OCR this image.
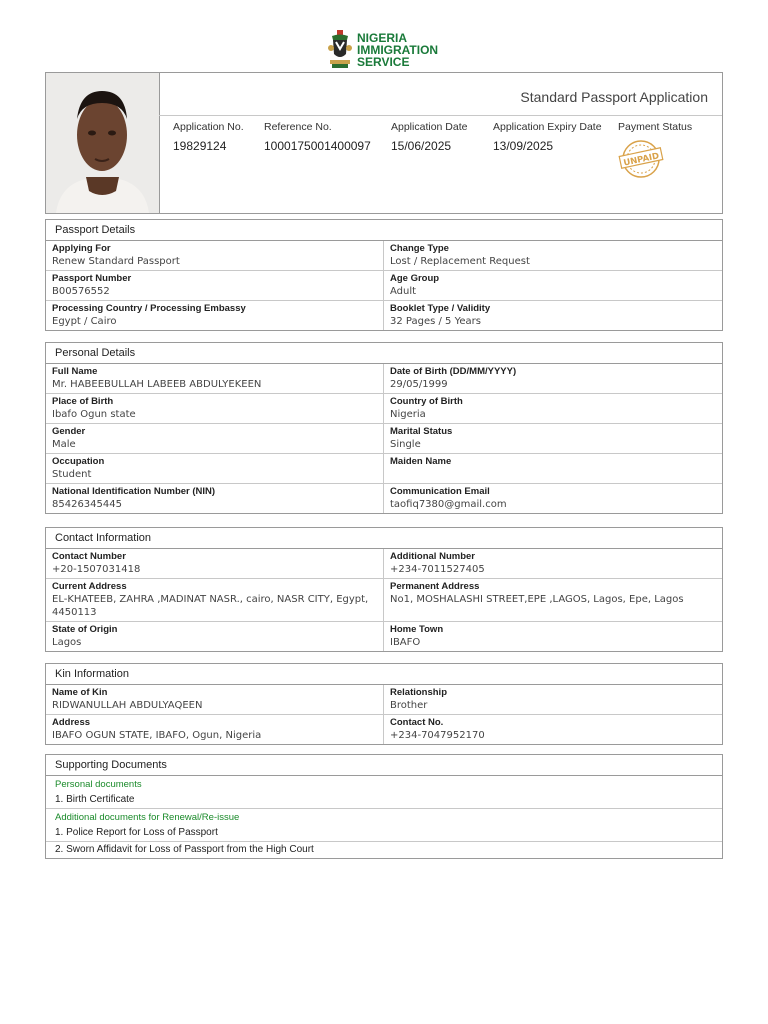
NIGERIA
IMMIGRATION
SERVICE
Standard Passport Application
Application No.
19829124
Reference No.
1000175001400097
Application Date
15/06/2025
Application Expiry Date
13/09/2025
Payment Status
UNPAID
Passport Details
Applying For
Renew Standard Passport
Change Type
Lost / Replacement Request
Passport Number
B00576552
Age Group
Adult
Processing Country / Processing Embassy
Egypt / Cairo
Booklet Type / Validity
32 Pages / 5 Years
Personal Details
Full Name
Mr. HABEEBULLAH LABEEB ABDULYEKEEN
Date of Birth (DD/MM/YYYY)
29/05/1999
Place of Birth
Ibafo Ogun state
Country of Birth
Nigeria
Gender
Male
Marital Status
Single
Occupation
Student
Maiden Name
National Identification Number (NIN)
85426345445
Communication Email
taofiq7380@gmail.com
Contact Information
Contact Number
+20-1507031418
Additional Number
+234-7011527405
Current Address
EL-KHATEEB, ZAHRA ,MADINAT NASR., cairo, NASR CITY, Egypt, 4450113
Permanent Address
No1, MOSHALASHI STREET,EPE ,LAGOS, Lagos, Epe, Lagos
State of Origin
Lagos
Home Town
IBAFO
Kin Information
Name of Kin
RIDWANULLAH ABDULYAQEEN
Relationship
Brother
Address
IBAFO OGUN STATE, IBAFO, Ogun, Nigeria
Contact No.
+234-7047952170
Supporting Documents
Personal documents
1. Birth Certificate
Additional documents for Renewal/Re-issue
1. Police Report for Loss of Passport
2. Sworn Affidavit for Loss of Passport from the High Court
